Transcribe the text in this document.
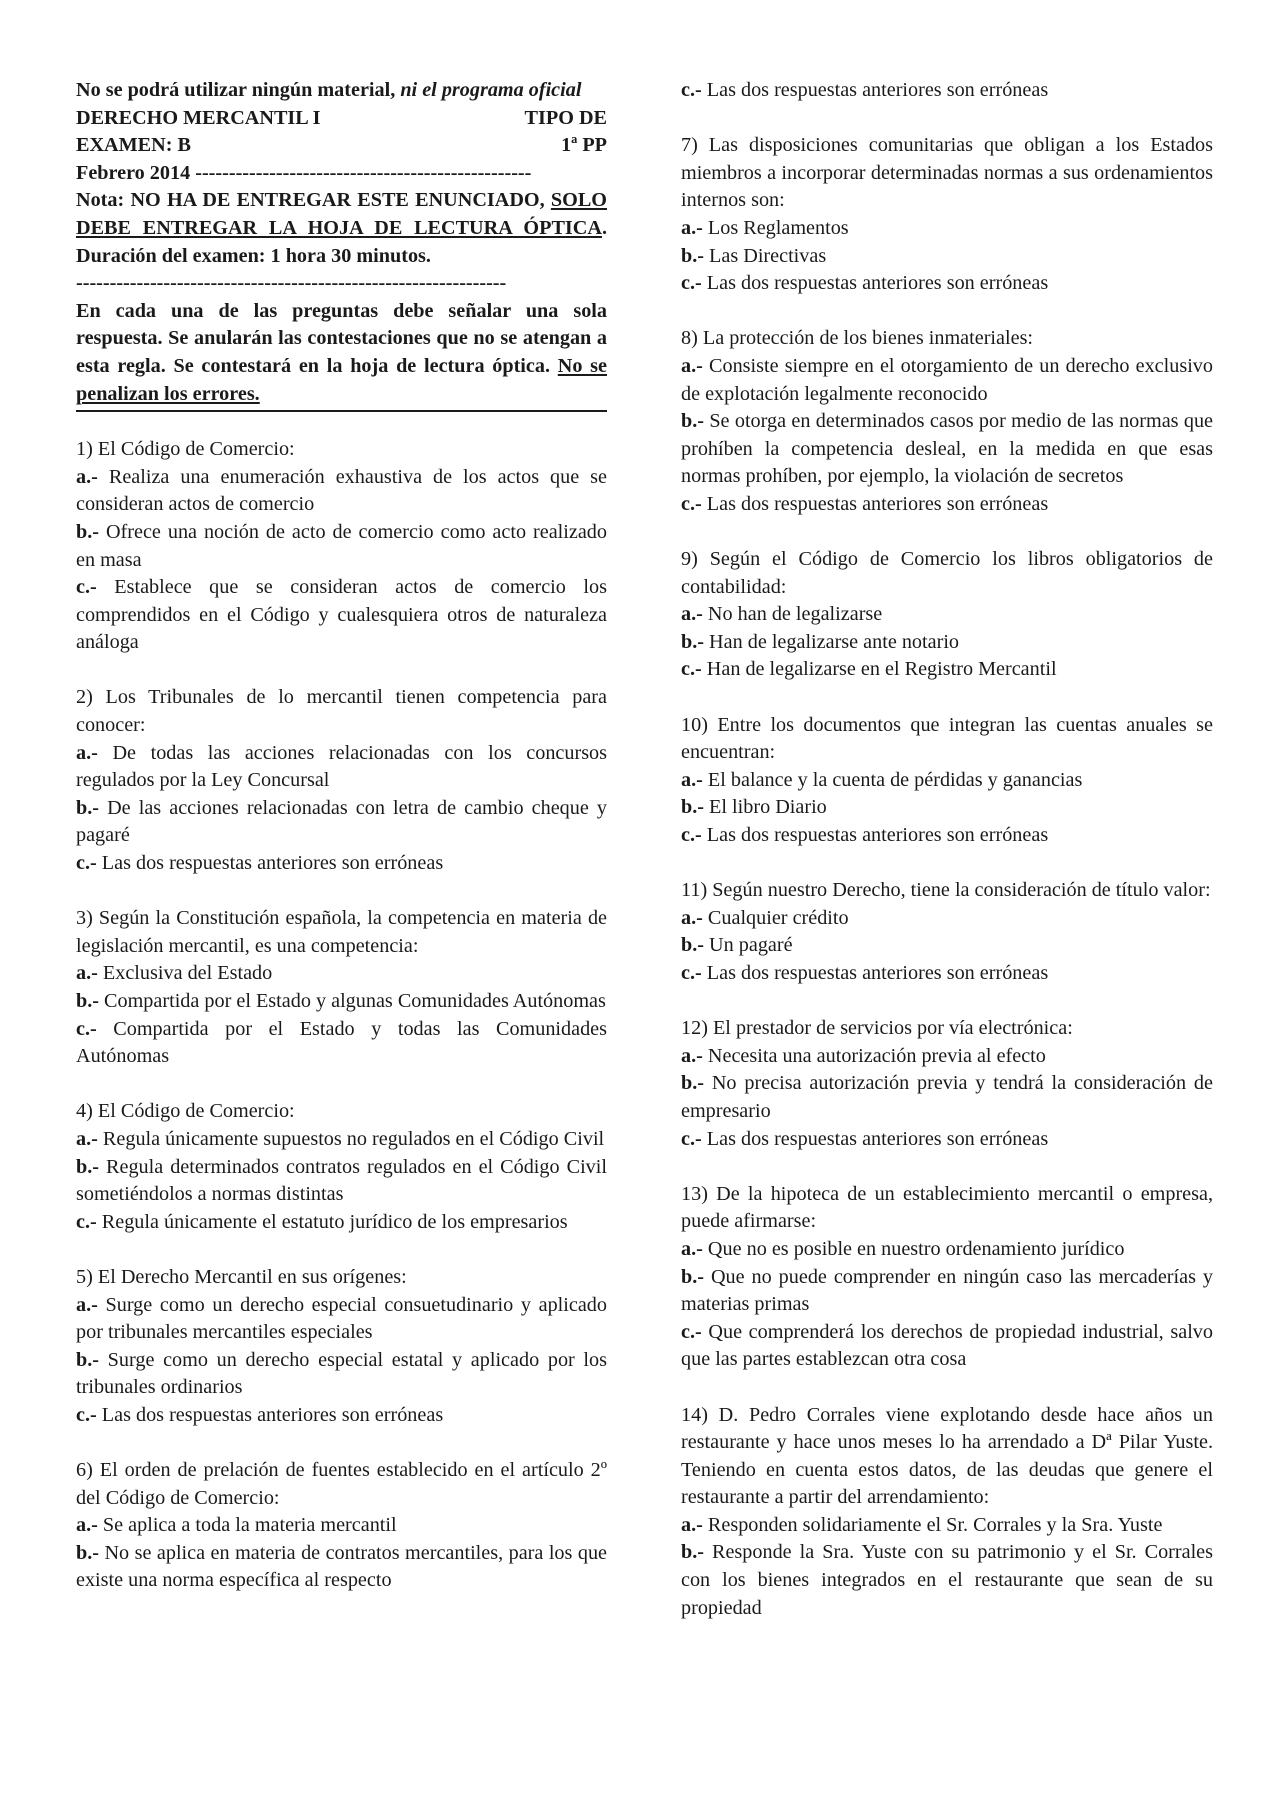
No se podrá utilizar ningún material, ni el programa oficial

DERECHO MERCANTIL I	TIPO DE
EXAMEN: B	1ª PP

Febrero 2014 --------------------------------------------------

Nota: NO HA DE ENTREGAR ESTE ENUNCIADO, SOLO DEBE ENTREGAR LA HOJA DE LECTURA ÓPTICA. Duración del examen: 1 hora 30 minutos.

----------------------------------------------------------------

En cada una de las preguntas debe señalar una sola respuesta. Se anularán las contestaciones que no se atengan a esta regla. Se contestará en la hoja de lectura óptica. No se penalizan los errores.

1) El Código de Comercio:

a.- Realiza una enumeración exhaustiva de los actos que se consideran actos de comercio

b.- Ofrece una noción de acto de comercio como acto realizado en masa

c.- Establece que se consideran actos de comercio los comprendidos en el Código y cualesquiera otros de naturaleza análoga

2) Los Tribunales de lo mercantil tienen competencia para conocer:

a.- De todas las acciones relacionadas con los concursos regulados por la Ley Concursal

b.- De las acciones relacionadas con letra de cambio cheque y pagaré

c.- Las dos respuestas anteriores son erróneas

3) Según la Constitución española, la competencia en materia de legislación mercantil, es una competencia:

a.- Exclusiva del Estado

b.- Compartida por el Estado y algunas Comunidades Autónomas

c.- Compartida por el Estado y todas las Comunidades Autónomas

4) El Código de Comercio:

a.- Regula únicamente supuestos no regulados en el Código Civil

b.- Regula determinados contratos regulados en el Código Civil sometiéndolos a normas distintas

c.- Regula únicamente el estatuto jurídico de los empresarios

5) El Derecho Mercantil en sus orígenes:

a.- Surge como un derecho especial consuetudinario y aplicado por tribunales mercantiles especiales

b.- Surge como un derecho especial estatal y aplicado por los tribunales ordinarios

c.- Las dos respuestas anteriores son erróneas

6) El orden de prelación de fuentes establecido en el artículo 2º del Código de Comercio:

a.- Se aplica a toda la materia mercantil

b.- No se aplica en materia de contratos mercantiles, para los que existe una norma específica al respecto

c.- Las dos respuestas anteriores son erróneas

7) Las disposiciones comunitarias que obligan a los Estados miembros a incorporar determinadas normas a sus ordenamientos internos son:

a.- Los Reglamentos

b.- Las Directivas

c.- Las dos respuestas anteriores son erróneas

8) La protección de los bienes inmateriales:

a.- Consiste siempre en el otorgamiento de un derecho exclusivo de explotación legalmente reconocido

b.- Se otorga en determinados casos por medio de las normas que prohíben la competencia desleal, en la medida en que esas normas prohíben, por ejemplo, la violación de secretos

c.- Las dos respuestas anteriores son erróneas

9) Según el Código de Comercio los libros obligatorios de contabilidad:

a.- No han de legalizarse

b.- Han de legalizarse ante notario

c.- Han de legalizarse en el Registro Mercantil

10) Entre los documentos que integran las cuentas anuales se encuentran:

a.- El balance y la cuenta de pérdidas y ganancias

b.- El libro Diario

c.- Las dos respuestas anteriores son erróneas

11) Según nuestro Derecho, tiene la consideración de título valor:

a.- Cualquier crédito

b.- Un pagaré

c.- Las dos respuestas anteriores son erróneas

12) El prestador de servicios por vía electrónica:

a.- Necesita una autorización previa al efecto

b.- No precisa autorización previa y tendrá la consideración de empresario

c.- Las dos respuestas anteriores son erróneas

13) De la hipoteca de un establecimiento mercantil o empresa, puede afirmarse:

a.- Que no es posible en nuestro ordenamiento jurídico

b.- Que no puede comprender en ningún caso las mercaderías y materias primas

c.- Que comprenderá los derechos de propiedad industrial, salvo que las partes establezcan otra cosa

14) D. Pedro Corrales viene explotando desde hace años un restaurante y hace unos meses lo ha arrendado a Dª Pilar Yuste. Teniendo en cuenta estos datos, de las deudas que genere el restaurante a partir del arrendamiento:

a.- Responden solidariamente el Sr. Corrales y la Sra. Yuste

b.- Responde la Sra. Yuste con su patrimonio y el Sr. Corrales con los bienes integrados en el restaurante que sean de su propiedad
